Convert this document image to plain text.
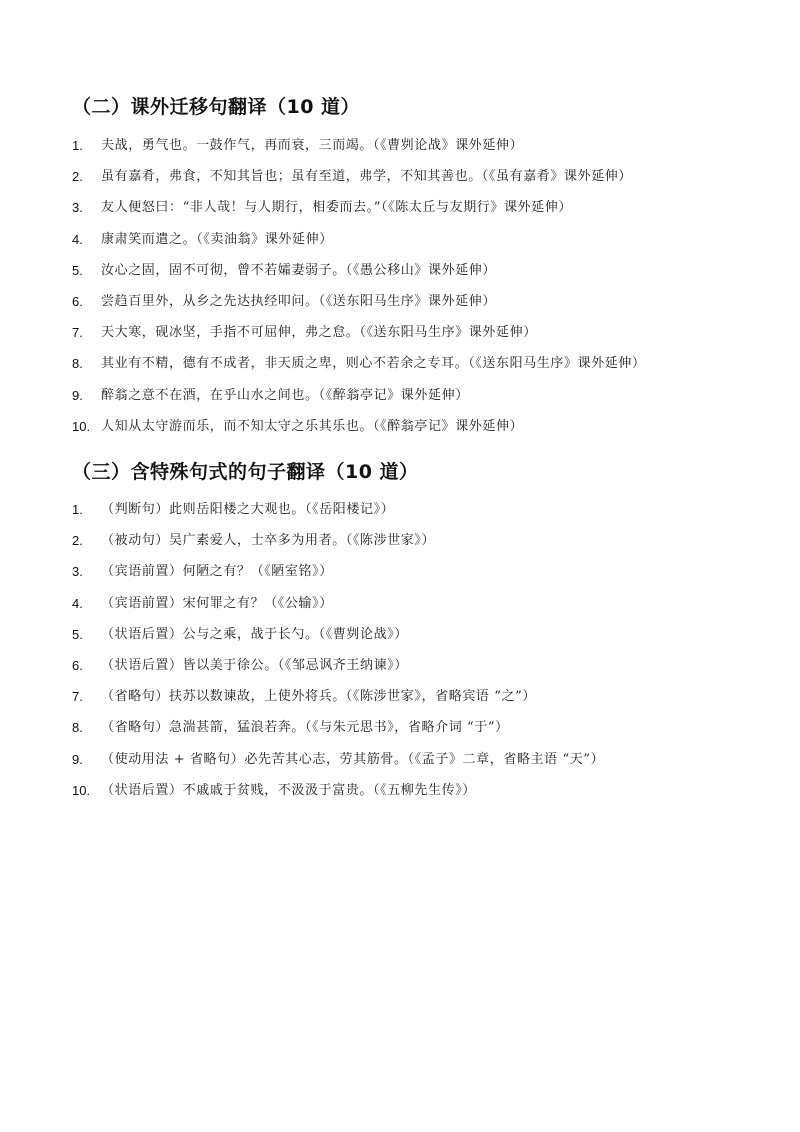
（二）课外迁移句翻译（10 道）
1.	夫战，勇气也。一鼓作气，再而衰，三而竭。（《曹刿论战》课外延伸）
2.	虽有嘉肴，弗食，不知其旨也；虽有至道，弗学，不知其善也。（《虽有嘉肴》课外延伸）
3.	友人便怒曰：“非人哉！与人期行，相委而去。”（《陈太丘与友期行》课外延伸）
4.	康肃笑而遣之。（《卖油翁》课外延伸）
5.	汝心之固，固不可彻，曾不若孀妻弱子。（《愚公移山》课外延伸）
6.	尝趋百里外，从乡之先达执经叩问。（《送东阳马生序》课外延伸）
7.	天大寒，砚冰坚，手指不可屈伸，弗之怠。（《送东阳马生序》课外延伸）
8.	其业有不精，德有不成者，非天质之卑，则心不若余之专耳。（《送东阳马生序》课外延伸）
9.	醉翁之意不在酒，在乎山水之间也。（《醉翁亭记》课外延伸）
10. 人知从太守游而乐，而不知太守之乐其乐也。（《醉翁亭记》课外延伸）
（三）含特殊句式的句子翻译（10 道）
1.	（判断句）此则岳阳楼之大观也。（《岳阳楼记》）
2.	（被动句）吴广素爱人，士卒多为用者。（《陈涉世家》）
3.	（宾语前置）何陋之有？（《陋室铭》）
4.	（宾语前置）宋何罪之有？（《公输》）
5.	（状语后置）公与之乘，战于长勺。（《曹刿论战》）
6.	（状语后置）皆以美于徐公。（《邹忌讽齐王纳谏》）
7.	（省略句）扶苏以数谏故，上使外将兵。（《陈涉世家》，省略宾语 “之”）
8.	（省略句）急湍甚箭，猛浪若奔。（《与朱元思书》，省略介词 “于”）
9.	（使动用法 + 省略句）必先苦其心志，劳其筋骨。（《孟子》二章，省略主语 “天”）
10. （状语后置）不戚戚于贫贱，不汲汲于富贵。（《五柳先生传》）
